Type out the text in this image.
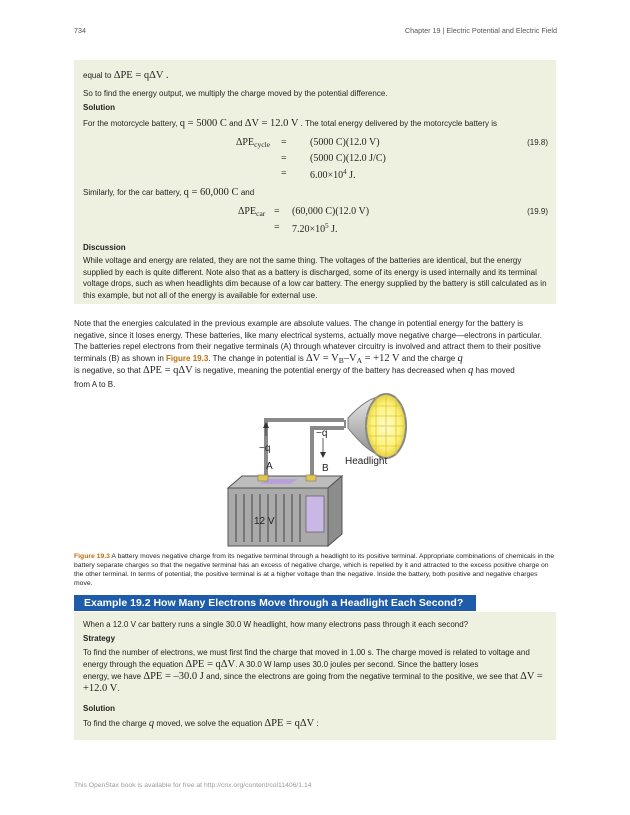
734	Chapter 19 | Electric Potential and Electric Field
equal to ΔPE = qΔV .
So to find the energy output, we multiply the charge moved by the potential difference.
Solution
For the motorcycle battery, q = 5000 C and ΔV = 12.0 V . The total energy delivered by the motorcycle battery is
$\Delta PE_{cycle} = (5000$ C)(12.0 V)	(19.8)
= (5000 C)(12.0 J/C)
= $6.00\times 10^4$ J.
Similarly, for the car battery, q = 60,000 C and
$\Delta PE_{car} = (60,000$ C)(12.0 V)	(19.9)
= $7.20\times 10^5$ J.
Discussion
While voltage and energy are related, they are not the same thing. The voltages of the batteries are identical, but the energy supplied by each is quite different. Note also that as a battery is discharged, some of its energy is used internally and its terminal voltage drops, such as when headlights dim because of a low car battery. The energy supplied by the battery is still calculated as in this example, but not all of the energy is available for external use.
Note that the energies calculated in the previous example are absolute values. The change in potential energy for the battery is negative, since it loses energy. These batteries, like many electrical systems, actually move negative charge—electrons in particular. The batteries repel electrons from their negative terminals (A) through whatever circuitry is involved and attract them to their positive terminals (B) as shown in Figure 19.3. The change in potential is $\Delta V = V_B-V_A = +12$ V and the charge q
is negative, so that ΔPE = qΔV is negative, meaning the potential energy of the battery has decreased when q has moved
from A to B.
−q
−q
Headlight
A	B
12 V
Figure 19.3 A battery moves negative charge from its negative terminal through a headlight to its positive terminal. Appropriate combinations of chemicals in the battery separate charges so that the negative terminal has an excess of negative charge, which is repelled by it and attracted to the excess positive charge on the other terminal. In terms of potential, the positive terminal is at a higher voltage than the negative. Inside the battery, both positive and negative charges move.
Example 19.2 How Many Electrons Move through a Headlight Each Second?
When a 12.0 V car battery runs a single 30.0 W headlight, how many electrons pass through it each second?
Strategy
To find the number of electrons, we must first find the charge that moved in 1.00 s. The charge moved is related to voltage and energy through the equation ΔPE = qΔV. A 30.0 W lamp uses 30.0 joules per second. Since the battery loses
energy, we have ΔPE = –30.0 J and, since the electrons are going from the negative terminal to the positive, we see that ΔV = +12.0 V.
Solution
To find the charge q moved, we solve the equation ΔPE = qΔV :
This OpenStax book is available for free at http://cnx.org/content/col11406/1.14
